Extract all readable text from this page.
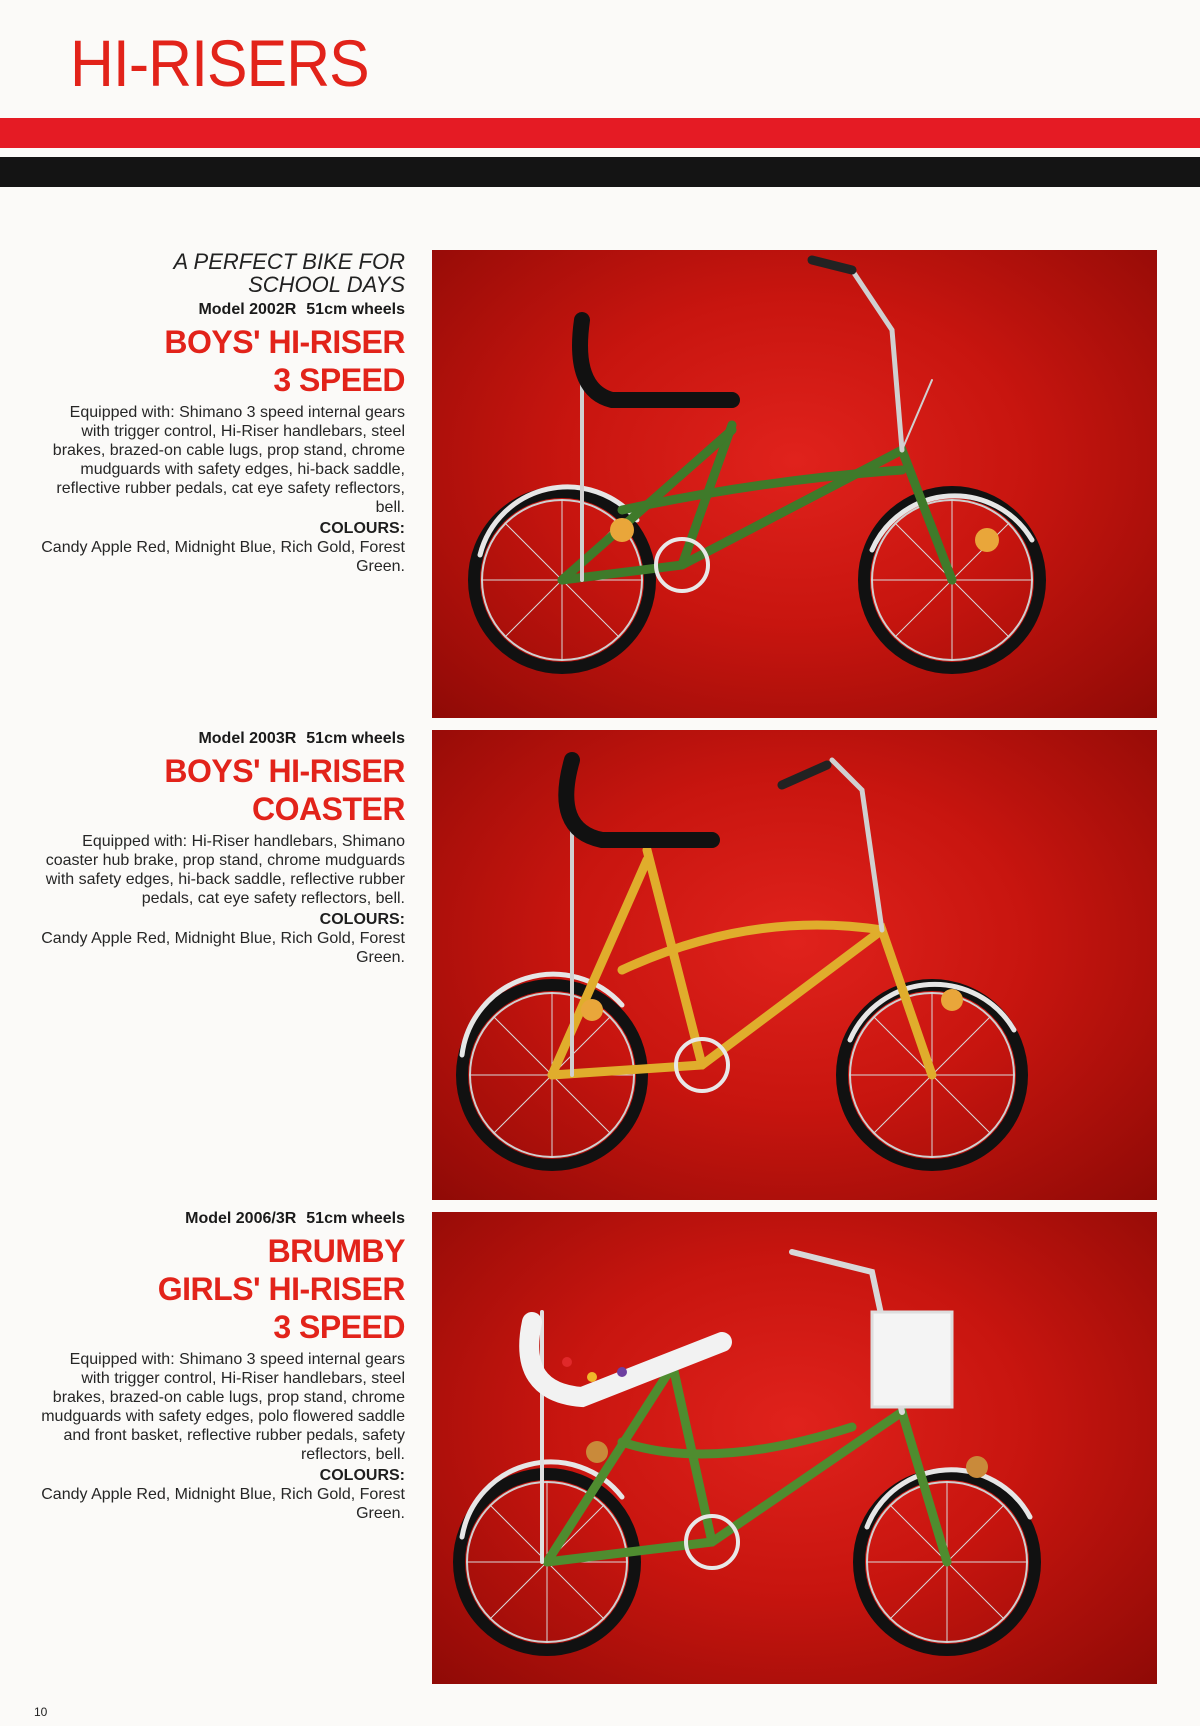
HI-RISERS
A PERFECT BIKE FOR SCHOOL DAYS
Model 2002R 51cm wheels
BOYS' HI-RISER
3 SPEED

Equipped with: Shimano 3 speed internal gears with trigger control, Hi-Riser handlebars, steel brakes, brazed-on cable lugs, prop stand, chrome mudguards with safety edges, hi-back saddle, reflective rubber pedals, cat eye safety reflectors, bell.

COLOURS:

Candy Apple Red, Midnight Blue, Rich Gold, Forest Green.

Model 2003R 51cm wheels
BOYS' HI-RISER
COASTER

Equipped with: Hi-Riser handlebars, Shimano coaster hub brake, prop stand, chrome mudguards with safety edges, hi-back saddle, reflective rubber pedals, cat eye safety reflectors, bell.

COLOURS:

Candy Apple Red, Midnight Blue, Rich Gold, Forest Green.

Model 2006/3R 51cm wheels
BRUMBY
GIRLS' HI-RISER
3 SPEED

Equipped with: Shimano 3 speed internal gears with trigger control, Hi-Riser handlebars, steel brakes, brazed-on cable lugs, prop stand, chrome mudguards with safety edges, polo flowered saddle and front basket, reflective rubber pedals, safety reflectors, bell.

COLOURS:

Candy Apple Red, Midnight Blue, Rich Gold, Forest Green.

10
